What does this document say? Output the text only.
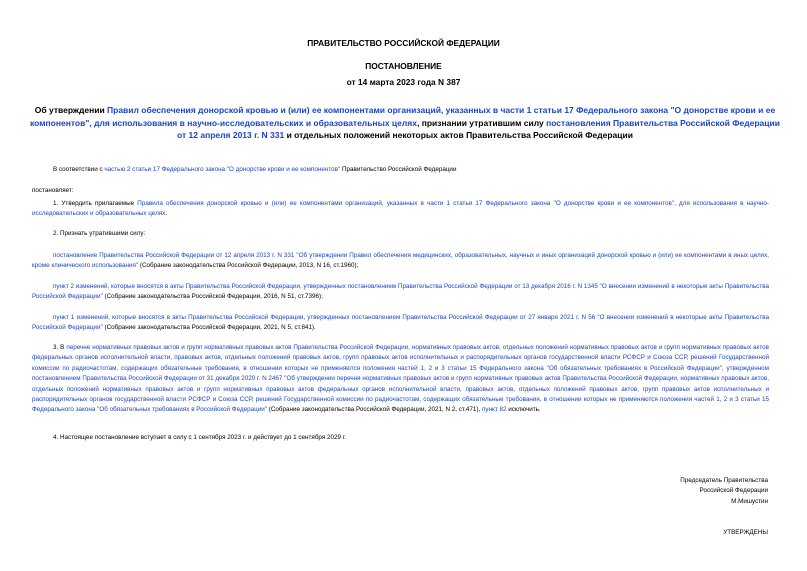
ПРАВИТЕЛЬСТВО РОССИЙСКОЙ ФЕДЕРАЦИИ
ПОСТАНОВЛЕНИЕ
от 14 марта 2023 года N 387
Об утверждении Правил обеспечения донорской кровью и (или) ее компонентами организаций, указанных в части 1 статьи 17 Федерального закона "О донорстве крови и ее компонентов", для использования в научно-исследовательских и образовательных целях, признании утратившим силу постановления Правительства Российской Федерации от 12 апреля 2013 г. N 331 и отдельных положений некоторых актов Правительства Российской Федерации
В соответствии с частью 2 статьи 17 Федерального закона "О донорстве крови и ее компонентов" Правительство Российской Федерации
постановляет:
1. Утвердить прилагаемые Правила обеспечения донорской кровью и (или) ее компонентами организаций, указанных в части 1 статьи 17 Федерального закона "О донорстве крови и ее компонентов", для использования в научно-исследовательских и образовательных целях.
2. Признать утратившими силу:
постановление Правительства Российской Федерации от 12 апреля 2013 г. N 331 "Об утверждении Правил обеспечения медицинских, образовательных, научных и иных организаций донорской кровью и (или) ее компонентами в иных целях, кроме клинического использования" (Собрание законодательства Российской Федерации, 2013, N 16, ст.1960);
пункт 2 изменений, которые вносятся в акты Правительства Российской Федерации, утвержденных постановлением Правительства Российской Федерации от 13 декабря 2016 г. N 1345 "О внесении изменений в некоторые акты Правительства Российской Федерации" (Собрание законодательства Российской Федерации, 2016, N 51, ст.7396);
пункт 1 изменений, которые вносятся в акты Правительства Российской Федерации, утвержденных постановлением Правительства Российской Федерации от 27 января 2021 г. N 56 "О внесении изменений в некоторые акты Правительства Российской Федерации" (Собрание законодательства Российской Федерации, 2021, N 5, ст.841).
3. В перечне нормативных правовых актов и групп нормативных правовых актов Правительства Российской Федерации, нормативных правовых актов, отдельных положений нормативных правовых актов и групп нормативных правовых актов федеральных органов исполнительной власти, правовых актов, отдельных положений правовых актов, групп правовых актов исполнительных и распорядительных органов государственной власти РСФСР и Союза ССР, решений Государственной комиссии по радиочастотам, содержащих обязательные требования, в отношении которых не применяются положения частей 1, 2 и 3 статьи 15 Федерального закона "Об обязательных требованиях в Российской Федерации", утвержденном постановлением Правительства Российской Федерации от 31 декабря 2020 г. N 2467 "Об утверждении перечня нормативных правовых актов и групп нормативных правовых актов Правительства Российской Федерации, нормативных правовых актов, отдельных положений нормативных правовых актов и групп нормативных правовых актов федеральных органов исполнительной власти, правовых актов, отдельных положений правовых актов, групп правовых актов исполнительных и распорядительных органов государственной власти РСФСР и Союза ССР, решений Государственной комиссии по радиочастотам, содержащих обязательные требования, в отношении которых не применяются положения частей 1, 2 и 3 статьи 15 Федерального закона "Об обязательных требованиях в Российской Федерации" (Собрание законодательства Российской Федерации, 2021, N 2, ст.471), пункт 82 исключить.
4. Настоящее постановление вступает в силу с 1 сентября 2023 г. и действует до 1 сентября 2029 г.
Председатель Правительства
Российской Федерации
М.Мишустин
УТВЕРЖДЕНЫ
